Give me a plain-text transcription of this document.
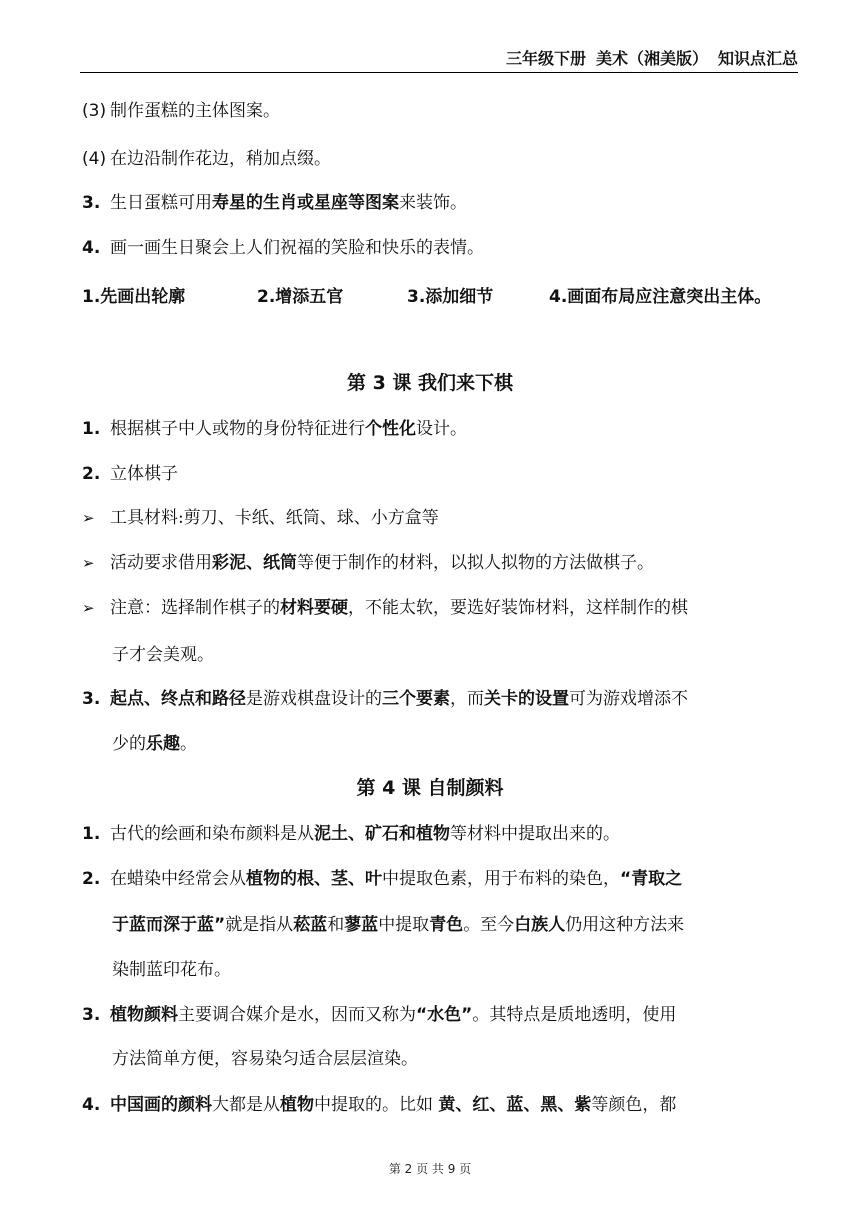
三年级下册 美术（湘美版） 知识点汇总
(3) 制作蛋糕的主体图案。
(4) 在边沿制作花边，稍加点缀。
3. 生日蛋糕可用寿星的生肖或星座等图案来装饰。
4. 画一画生日聚会上人们祝福的笑脸和快乐的表情。
1.先画出轮廓	2.增添五官	3.添加细节	4.画面布局应注意突出主体。
第 3 课 我们来下棋
1. 根据棋子中人或物的身份特征进行个性化设计。
2. 立体棋子
➢ 工具材料:剪刀、卡纸、纸筒、球、小方盒等
➢ 活动要求借用彩泥、纸筒等便于制作的材料，以拟人拟物的方法做棋子。
➢ 注意：选择制作棋子的材料要硬，不能太软，要选好装饰材料，这样制作的棋
子才会美观。
3. 起点、终点和路径是游戏棋盘设计的三个要素，而关卡的设置可为游戏增添不
少的乐趣。
第 4 课 自制颜料
1. 古代的绘画和染布颜料是从泥土、矿石和植物等材料中提取出来的。
2. 在蜡染中经常会从植物的根、茎、叶中提取色素，用于布料的染色，“青取之
于蓝而深于蓝”就是指从菘蓝和蓼蓝中提取青色。至今白族人仍用这种方法来
染制蓝印花布。
3. 植物颜料主要调合媒介是水，因而又称为“水色”。其特点是质地透明，使用
方法简单方便，容易染匀适合层层渲染。
4. 中国画的颜料大都是从植物中提取的。比如 黄、红、蓝、黑、紫等颜色，都
第 2 页 共 9 页
